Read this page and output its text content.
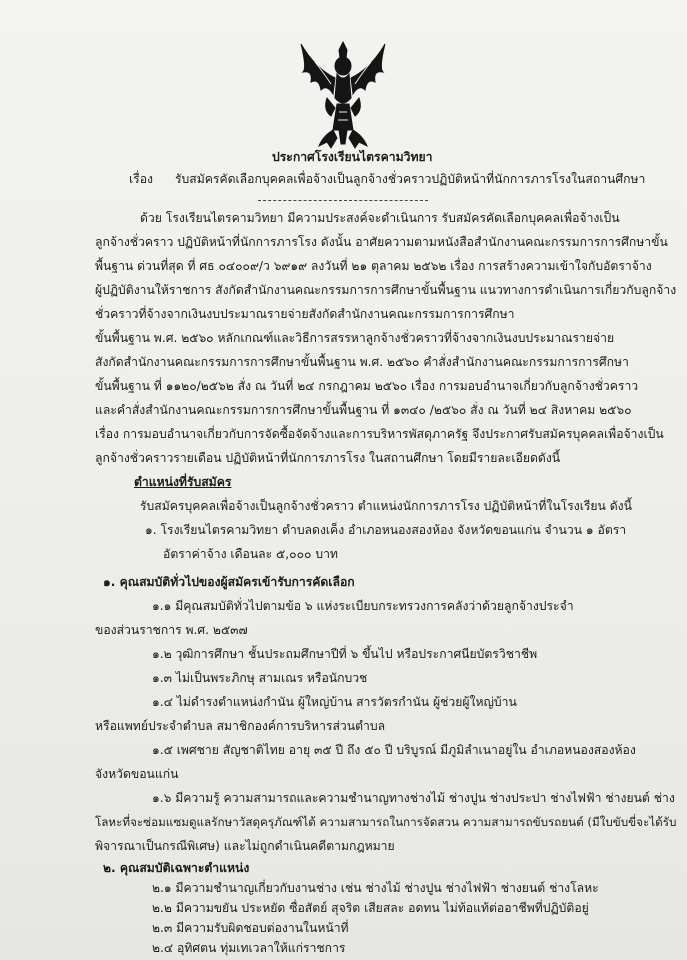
ประกาศโรงเรียนไตรคามวิทยา
เรื่อง รับสมัครคัดเลือกบุคคลเพื่อจ้างเป็นลูกจ้างชั่วคราวปฏิบัติหน้าที่นักการภารโรงในสถานศึกษา
ด้วย โรงเรียนไตรคามวิทยา มีความประสงค์จะดำเนินการ รับสมัครคัดเลือกบุคคลเพื่อจ้างเป็น
ลูกจ้างชั่วคราว ปฏิบัติหน้าที่นักการภารโรง ดังนั้น อาศัยความตามหนังสือสำนักงานคณะกรรมการการศึกษาขั้น
พื้นฐาน ด่วนที่สุด ที่ ศธ ๐๔๐๐๙/ว ๖๙๑๙ ลงวันที่ ๒๑ ตุลาคม ๒๕๖๒ เรื่อง การสร้างความเข้าใจกับอัตราจ้าง
ผู้ปฏิบัติงานให้ราชการ สังกัดสำนักงานคณะกรรมการการศึกษาขั้นพื้นฐาน แนวทางการดำเนินการเกี่ยวกับลูกจ้าง
ชั่วคราวที่จ้างจากเงินงบประมาณรายจ่ายสังกัดสำนักงานคณะกรรมการการศึกษา
ขั้นพื้นฐาน พ.ศ. ๒๕๖๐ หลักเกณฑ์และวิธีการสรรหาลูกจ้างชั่วคราวที่จ้างจากเงินงบประมาณรายจ่าย
สังกัดสำนักงานคณะกรรมการการศึกษาขั้นพื้นฐาน พ.ศ. ๒๕๖๐ คำสั่งสำนักงานคณะกรรมการการศึกษา
ขั้นพื้นฐาน ที่ ๑๑๒๐/๒๕๖๒ สั่ง ณ วันที่ ๒๔ กรกฎาคม ๒๕๖๐ เรื่อง การมอบอำนาจเกี่ยวกับลูกจ้างชั่วคราว
และคำสั่งสำนักงานคณะกรรมการการศึกษาขั้นพื้นฐาน ที่ ๑๓๔๐ /๒๕๖๐ สั่ง ณ วันที่ ๒๔ สิงหาคม ๒๕๖๐
เรื่อง การมอบอำนาจเกี่ยวกับการจัดซื้อจัดจ้างและการบริหารพัสดุภาครัฐ จึงประกาศรับสมัครบุคคลเพื่อจ้างเป็น
ลูกจ้างชั่วคราวรายเดือน ปฏิบัติหน้าที่นักการภารโรง ในสถานศึกษา โดยมีรายละเอียดดังนี้
ตำแหน่งที่รับสมัคร
รับสมัครบุคคลเพื่อจ้างเป็นลูกจ้างชั่วคราว ตำแหน่งนักการภารโรง ปฏิบัติหน้าที่ในโรงเรียน ดังนี้
๑. โรงเรียนไตรคามวิทยา ตำบลดงเค็ง อำเภอหนองสองห้อง จังหวัดขอนแก่น จำนวน ๑ อัตรา
อัตราค่าจ้าง เดือนละ ๕,๐๐๐ บาท
๑. คุณสมบัติทั่วไปของผู้สมัครเข้ารับการคัดเลือก
๑.๑ มีคุณสมบัติทั่วไปตามข้อ ๖ แห่งระเบียบกระทรวงการคลังว่าด้วยลูกจ้างประจำ
ของส่วนราชการ พ.ศ. ๒๕๓๗
๑.๒ วุฒิการศึกษา ชั้นประถมศึกษาปีที่ ๖ ขึ้นไป หรือประกาศนียบัตรวิชาชีพ
๑.๓ ไม่เป็นพระภิกษุ สามเณร หรือนักบวช
๑.๔ ไม่ดำรงตำแหน่งกำนัน ผู้ใหญ่บ้าน สารวัตรกำนัน ผู้ช่วยผู้ใหญ่บ้าน
หรือแพทย์ประจำตำบล สมาชิกองค์การบริหารส่วนตำบล
๑.๕ เพศชาย สัญชาติไทย อายุ ๓๕ ปี ถึง ๕๐ ปี บริบูรณ์ มีภูมิลำเนาอยู่ใน อำเภอหนองสองห้อง
จังหวัดขอนแก่น
๑.๖ มีความรู้ ความสามารถและความชำนาญทางช่างไม้ ช่างปูน ช่างประปา ช่างไฟฟ้า ช่างยนต์ ช่าง
โลหะที่จะซ่อมแซมดูแลรักษาวัสดุครุภัณฑ์ได้ ความสามารถในการจัดสวน ความสามารถขับรถยนต์ (มีใบขับขี่จะได้รับ
พิจารณาเป็นกรณีพิเศษ) และไม่ถูกดำเนินคดีตามกฎหมาย
๒. คุณสมบัติเฉพาะตำแหน่ง
๒.๑ มีความชำนาญเกี่ยวกับงานช่าง เช่น ช่างไม้ ช่างปูน ช่างไฟฟ้า ช่างยนต์ ช่างโลหะ
๒.๒ มีความขยัน ประหยัด ซื่อสัตย์ สุจริต เสียสละ อดทน ไม่ท้อแท้ต่ออาชีพที่ปฏิบัติอยู่
๒.๓ มีความรับผิดชอบต่องานในหน้าที่
๒.๔ อุทิศตน ทุ่มเทเวลาให้แก่ราชการ
